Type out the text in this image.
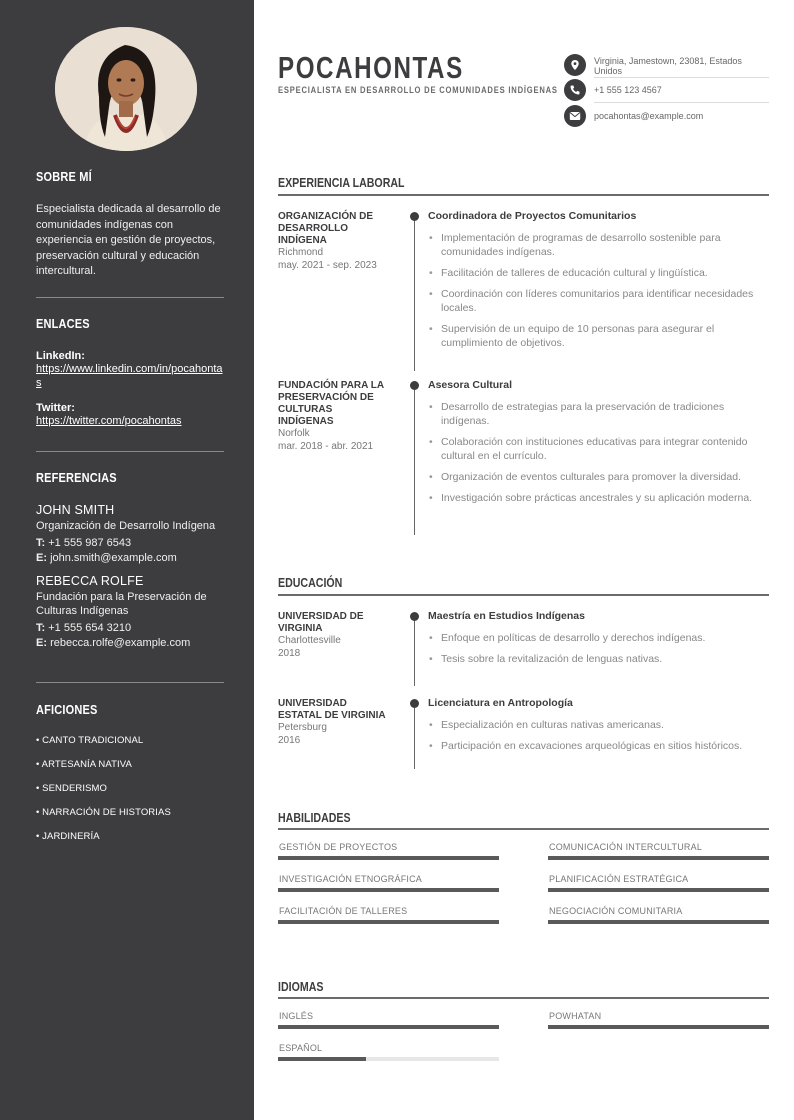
SOBRE MÍ
Especialista dedicada al desarrollo de comunidades indígenas con experiencia en gestión de proyectos, preservación cultural y educación intercultural.
ENLACES
LinkedIn:
https://www.linkedin.com/in/pocahontas
Twitter:
https://twitter.com/pocahontas
REFERENCIAS
JOHN SMITH
Organización de Desarrollo Indígena
T: +1 555 987 6543
E: john.smith@example.com
REBECCA ROLFE
Fundación para la Preservación de Culturas Indígenas
T: +1 555 654 3210
E: rebecca.rolfe@example.com
AFICIONES
• CANTO TRADICIONAL
• ARTESANÍA NATIVA
• SENDERISMO
• NARRACIÓN DE HISTORIAS
• JARDINERÍA
POCAHONTAS
ESPECIALISTA EN DESARROLLO DE COMUNIDADES INDÍGENAS
Virginia, Jamestown, 23081, Estados Unidos
+1 555 123 4567
pocahontas@example.com
EXPERIENCIA LABORAL
ORGANIZACIÓN DE DESARROLLO INDÍGENA
Richmond
may. 2021 - sep. 2023
Coordinadora de Proyectos Comunitarios
• Implementación de programas de desarrollo sostenible para comunidades indígenas.
• Facilitación de talleres de educación cultural y lingüística.
• Coordinación con líderes comunitarios para identificar necesidades locales.
• Supervisión de un equipo de 10 personas para asegurar el cumplimiento de objetivos.
FUNDACIÓN PARA LA PRESERVACIÓN DE CULTURAS INDÍGENAS
Norfolk
mar. 2018 - abr. 2021
Asesora Cultural
• Desarrollo de estrategias para la preservación de tradiciones indígenas.
• Colaboración con instituciones educativas para integrar contenido cultural en el currículo.
• Organización de eventos culturales para promover la diversidad.
• Investigación sobre prácticas ancestrales y su aplicación moderna.
EDUCACIÓN
UNIVERSIDAD DE VIRGINIA
Charlottesville
2018
Maestría en Estudios Indígenas
• Enfoque en políticas de desarrollo y derechos indígenas.
• Tesis sobre la revitalización de lenguas nativas.
UNIVERSIDAD ESTATAL DE VIRGINIA
Petersburg
2016
Licenciatura en Antropología
• Especialización en culturas nativas americanas.
• Participación en excavaciones arqueológicas en sitios históricos.
HABILIDADES
GESTIÓN DE PROYECTOS	COMUNICACIÓN INTERCULTURAL
INVESTIGACIÓN ETNOGRÁFICA	PLANIFICACIÓN ESTRATÉGICA
FACILITACIÓN DE TALLERES	NEGOCIACIÓN COMUNITARIA
IDIOMAS
INGLÉS	POWHATAN
ESPAÑOL
